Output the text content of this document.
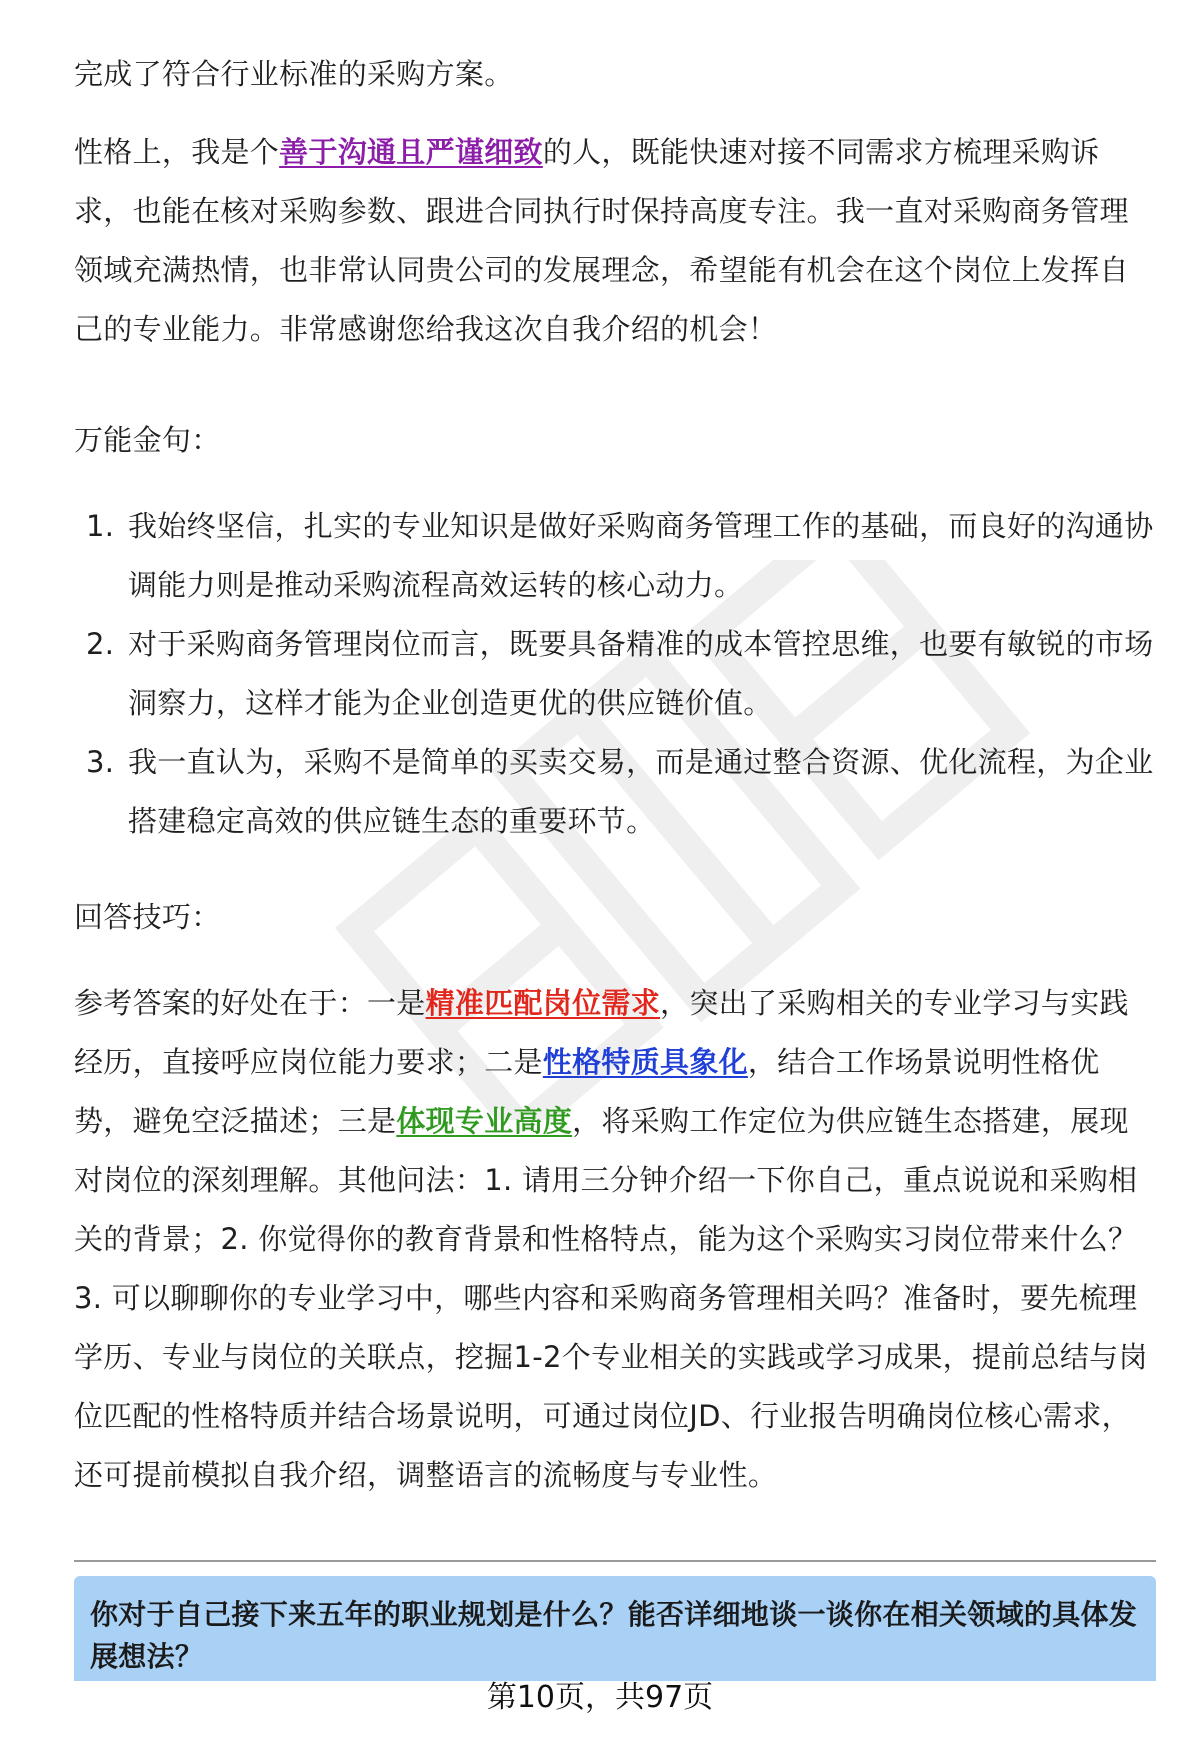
完成了符合行业标准的采购方案。

性格上，我是个善于沟通且严谨细致的人，既能快速对接不同需求方梳理采购诉求，也能在核对采购参数、跟进合同执行时保持高度专注。我一直对采购商务管理领域充满热情，也非常认同贵公司的发展理念，希望能有机会在这个岗位上发挥自己的专业能力。非常感谢您给我这次自我介绍的机会！

万能金句：

1. 我始终坚信，扎实的专业知识是做好采购商务管理工作的基础，而良好的沟通协调能力则是推动采购流程高效运转的核心动力。
2. 对于采购商务管理岗位而言，既要具备精准的成本管控思维，也要有敏锐的市场洞察力，这样才能为企业创造更优的供应链价值。
3. 我一直认为，采购不是简单的买卖交易，而是通过整合资源、优化流程，为企业搭建稳定高效的供应链生态的重要环节。

回答技巧：

参考答案的好处在于：一是精准匹配岗位需求，突出了采购相关的专业学习与实践经历，直接呼应岗位能力要求；二是性格特质具象化，结合工作场景说明性格优势，避免空泛描述；三是体现专业高度，将采购工作定位为供应链生态搭建，展现对岗位的深刻理解。其他问法：1. 请用三分钟介绍一下你自己，重点说说和采购相关的背景；2. 你觉得你的教育背景和性格特点，能为这个采购实习岗位带来什么？3. 可以聊聊你的专业学习中，哪些内容和采购商务管理相关吗？准备时，要先梳理学历、专业与岗位的关联点，挖掘1-2个专业相关的实践或学习成果，提前总结与岗位匹配的性格特质并结合场景说明，可通过岗位JD、行业报告明确岗位核心需求，还可提前模拟自我介绍，调整语言的流畅度与专业性。

你对于自己接下来五年的职业规划是什么？能否详细地谈一谈你在相关领域的具体发展想法？
第10页，共97页
